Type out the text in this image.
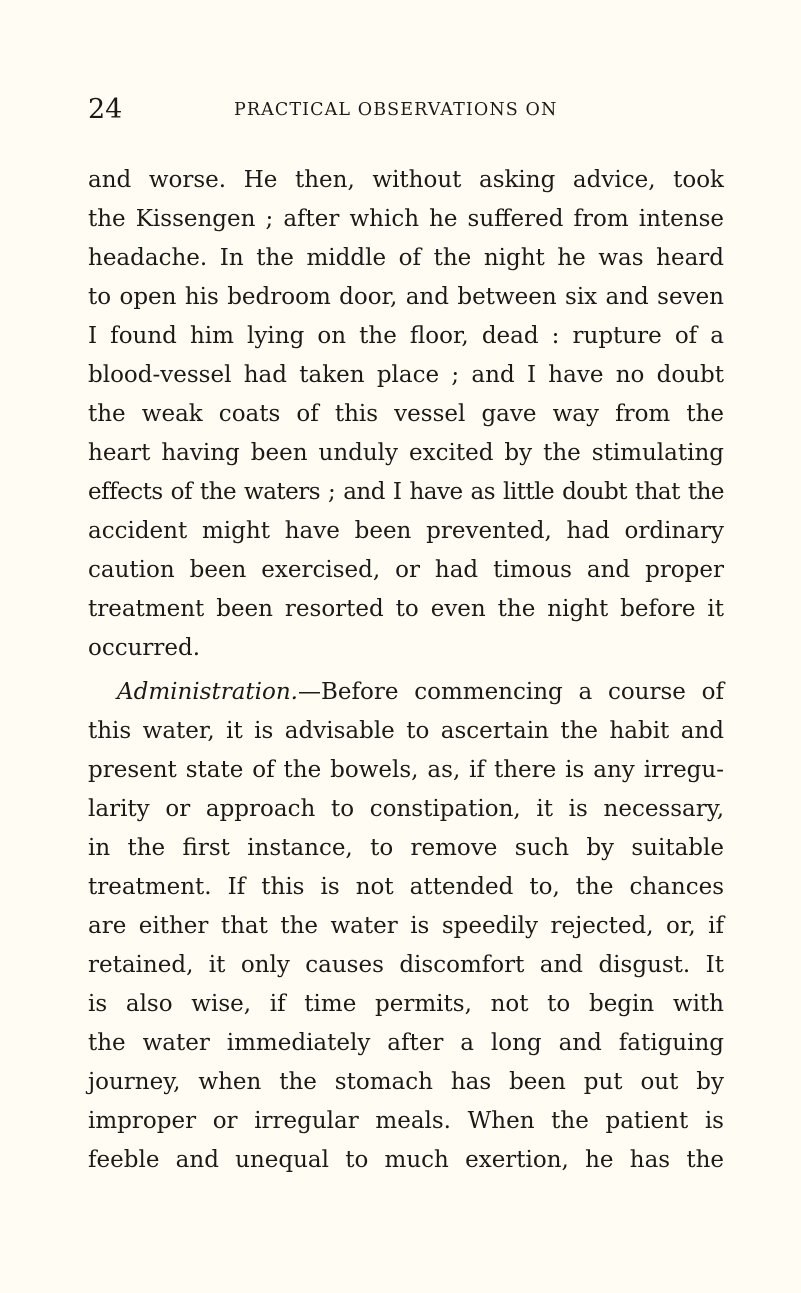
24	PRACTICAL OBSERVATIONS ON
and worse. He then, without asking advice, took
the Kissengen ; after which he suffered from intense
headache. In the middle of the night he was heard
to open his bedroom door, and between six and seven
I found him lying on the floor, dead : rupture of a
blood-vessel had taken place ; and I have no doubt
the weak coats of this vessel gave way from the
heart having been unduly excited by the stimulating
effects of the waters ; and I have as little doubt that the
accident might have been prevented, had ordinary
caution been exercised, or had timous and proper
treatment been resorted to even the night before it
occurred.
Administration.—Before commencing a course of
this water, it is advisable to ascertain the habit and
present state of the bowels, as, if there is any irregu-
larity or approach to constipation, it is necessary,
in the first instance, to remove such by suitable
treatment. If this is not attended to, the chances
are either that the water is speedily rejected, or, if
retained, it only causes discomfort and disgust. It
is also wise, if time permits, not to begin with
the water immediately after a long and fatiguing
journey, when the stomach has been put out by
improper or irregular meals. When the patient is
feeble and unequal to much exertion, he has the
